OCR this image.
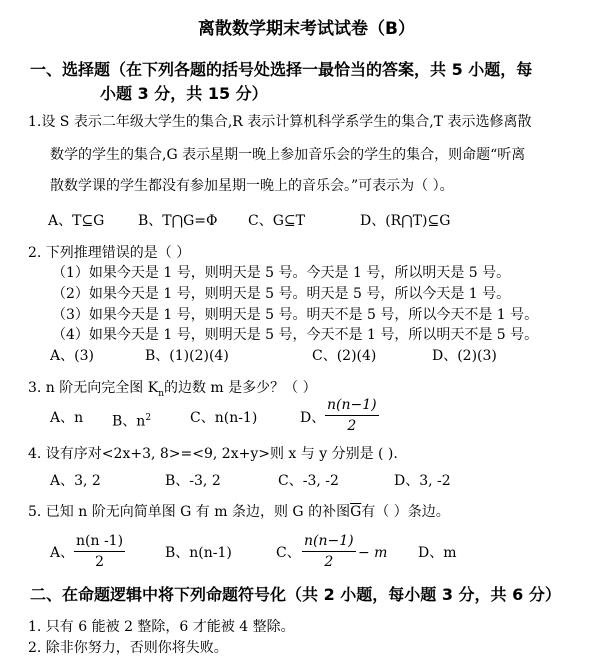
离散数学期末考试试卷（B）
一、选择题（在下列各题的括号处选择一最恰当的答案，共 5 小题，每
小题 3 分，共 15 分）
1.设 S 表示二年级大学生的集合,R 表示计算机科学系学生的集合,T 表示选修离散
数学的学生的集合,G 表示星期一晚上参加音乐会的学生的集合，则命题“听离
散数学课的学生都没有参加星期一晚上的音乐会。”可表示为（ ）。
A、T⊆G B、T⋂G=Φ C、G⊆T	D、(R⋂T)⊆G
2. 下列推理错误的是（ ）
（1）如果今天是 1 号，则明天是 5 号。今天是 1 号，所以明天是 5 号。
（2）如果今天是 1 号，则明天是 5 号。明天是 5 号，所以今天是 1 号。
（3）如果今天是 1 号，则明天是 5 号。明天不是 5 号，所以今天不是 1 号。
（4）如果今天是 1 号，则明天是 5 号，今天不是 1 号，所以明天不是 5 号。
A、(3)	B、(1)(2)(4)	C、(2)(4)	D、(2)(3)
3. n 阶无向完全图 $K_n$的边数 m 是多少？（ ）
A、n B、$n^2$	C、n(n-1)	D、 $\frac{n(n-1)}{2}$
4. 设有序对<2x+3, 8>=<9, 2x+y>则 x 与 y 分别是 ( ).
A、3, 2	B、-3, 2	C、-3, -2	D、3, -2
5. 已知 n 阶无向简单图 G 有 m 条边，则 G 的补图$\overline{G}$有（ ）条边。
A、 $\frac{n(n -1)}{2}$	B、n(n-1)	C、 $\frac{n(n-1)}{2} - m$ D、m
二、在命题逻辑中将下列命题符号化（共 2 小题，每小题 3 分，共 6 分）
1. 只有 6 能被 2 整除，6 才能被 4 整除。
2. 除非你努力，否则你将失败。
